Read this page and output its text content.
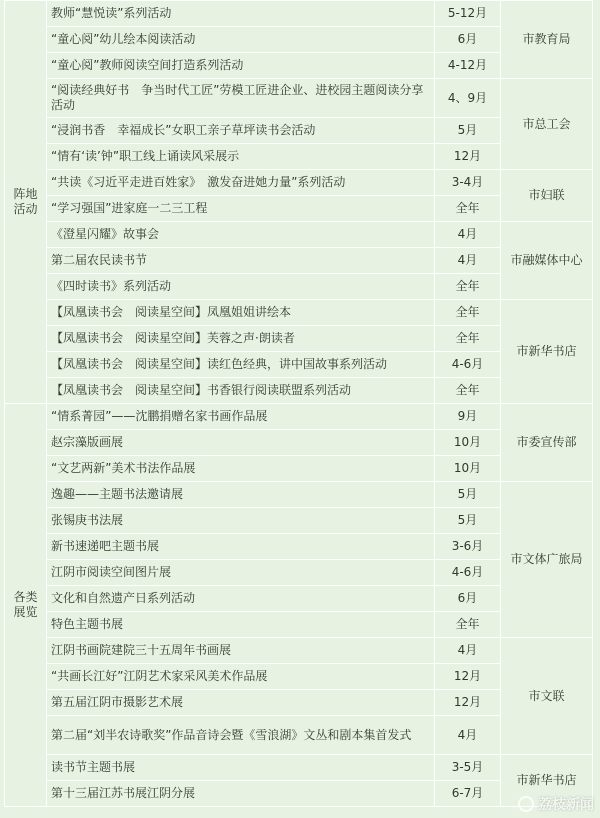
阵地
活动	教师“慧悦读”系列活动	5-12月	市教育局
	“童心阅”幼儿绘本阅读活动	6月	
	“童心阅”教师阅读空间打造系列活动	4-12月	
	“阅读经典好书　争当时代工匠”劳模工匠进企业、进校园主题阅读分享活动	4、9月	市总工会
	“浸润书香　幸福成长”女职工亲子草坪读书会活动	5月	
	“情有‘读’钟”职工线上诵读风采展示	12月	
	“共读《习近平走进百姓家》　激发奋进她力量”系列活动	3-4月	市妇联
	“学习强国”进家庭一二三工程	全年	
	《澄星闪耀》故事会	4月	市融媒体中心
	第二届农民读书节	4月	
	《四时读书》系列活动	全年	
	【凤凰读书会　阅读星空间】凤凰姐姐讲绘本	全年	市新华书店
	【凤凰读书会　阅读星空间】芙蓉之声·朗读者	全年	
	【凤凰读书会　阅读星空间】读红色经典，讲中国故事系列活动	4-6月	
	【凤凰读书会　阅读星空间】书香银行阅读联盟系列活动	全年	
各类
展览	“情系菁园”——沈鹏捐赠名家书画作品展	9月	市委宣传部
	赵宗藻版画展	10月	
	“文艺两新”美术书法作品展	10月	
	逸趣——主题书法邀请展	5月	市文体广旅局
	张锡庚书法展	5月	
	新书速递吧主题书展	3-6月	
	江阴市阅读空间图片展	4-6月	
	文化和自然遗产日系列活动	6月	
	特色主题书展	全年	
	江阴书画院建院三十五周年书画展	4月	市文联
	“共画长江好”江阴艺术家采风美术作品展	12月	
	第五届江阴市摄影艺术展	12月	
	第二届“刘半农诗歌奖”作品音诗会暨《雪浪湖》文丛和剧本集首发式	4月	
	读书节主题书展	3-5月	市新华书店
	第十三届江苏书展江阴分展	6-7月	
荔枝新闻
